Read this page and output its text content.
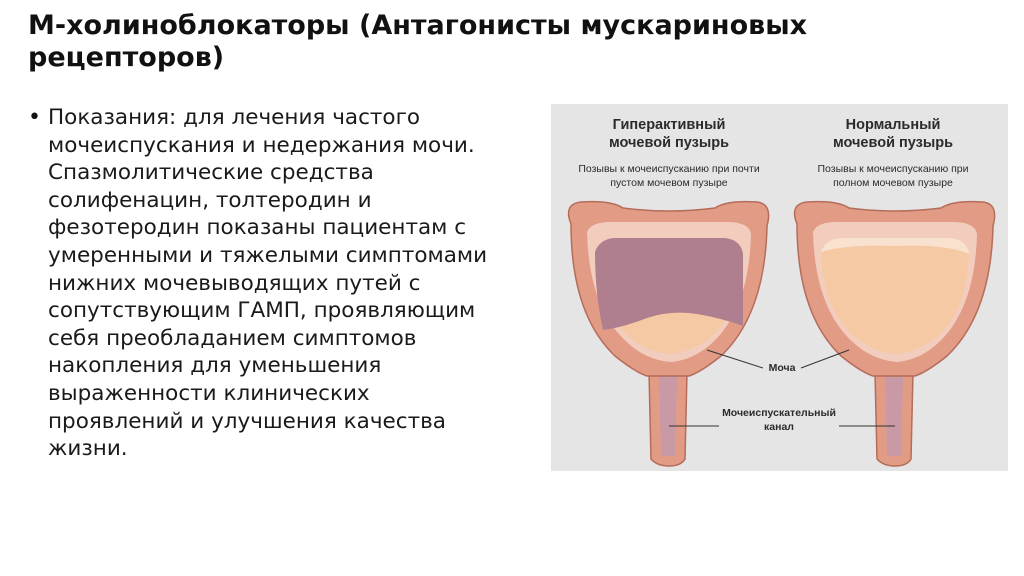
М-холиноблокаторы (Антагонисты мускариновых рецепторов)
• Показания: для лечения частого мочеиспускания и недержания мочи. Спазмолитические средства солифенацин, толтеродин и фезотеродин показаны пациентам с умеренными и тяжелыми симптомами нижних мочевыводящих путей с сопутствующим ГАМП, проявляющим себя преобладанием симптомов накопления для уменьшения выраженности клинических проявлений и улучшения качества жизни.
Гиперактивный
мочевой пузырь
Позывы к мочеиспусканию при почти
пустом мочевом пузыре
Нормальный
мочевой пузырь
Позывы к мочеиспусканию при
полном мочевом пузыре
Моча
Мочеиспускательный
канал
